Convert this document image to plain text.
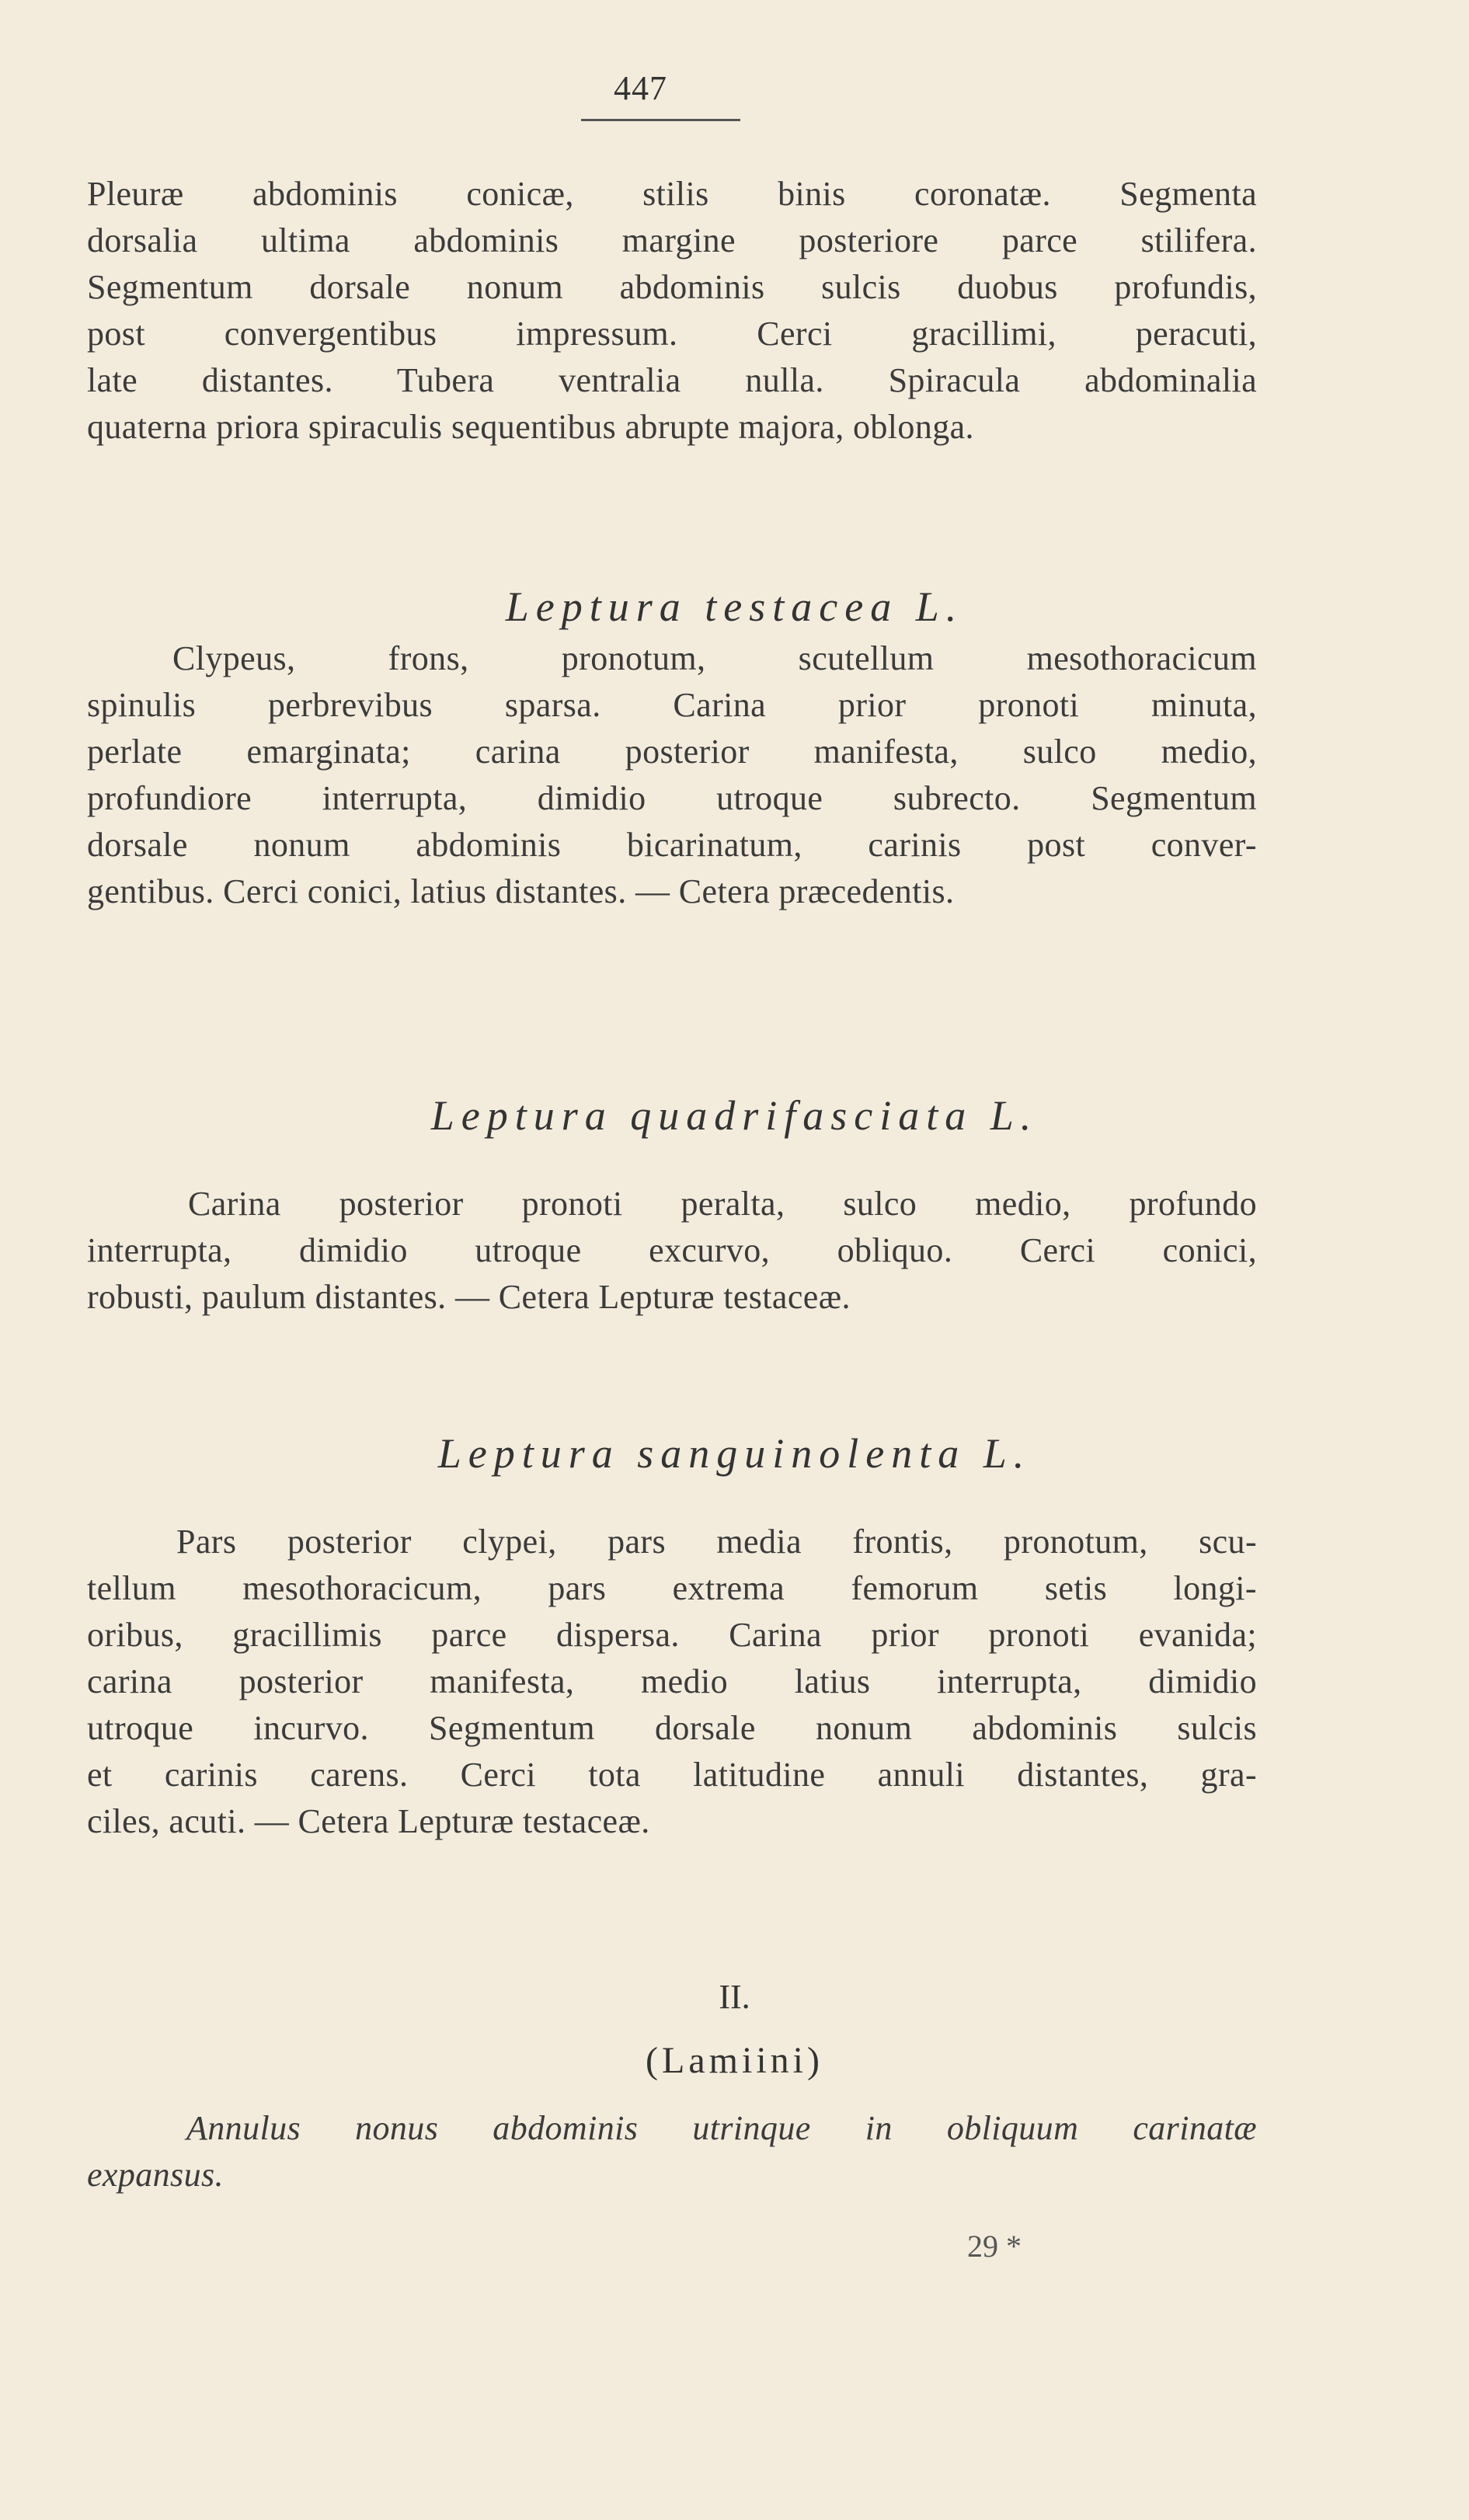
447
Pleuræ abdominis conicæ, stilis binis coronatæ. Segmenta
dorsalia ultima abdominis margine posteriore parce stilifera.
Segmentum dorsale nonum abdominis sulcis duobus profundis,
post convergentibus impressum. Cerci gracillimi, peracuti,
late distantes. Tubera ventralia nulla. Spiracula abdominalia
quaterna priora spiraculis sequentibus abrupte majora, oblonga.
Leptura testacea L.
Clypeus, frons, pronotum, scutellum mesothoracicum
spinulis perbrevibus sparsa. Carina prior pronoti minuta,
perlate emarginata; carina posterior manifesta, sulco medio,
profundiore interrupta, dimidio utroque subrecto. Segmentum
dorsale nonum abdominis bicarinatum, carinis post conver-
gentibus. Cerci conici, latius distantes. — Cetera præcedentis.
Leptura quadrifasciata L.
Carina posterior pronoti peralta, sulco medio, profundo
interrupta, dimidio utroque excurvo, obliquo. Cerci conici,
robusti, paulum distantes. — Cetera Lepturæ testaceæ.
Leptura sanguinolenta L.
Pars posterior clypei, pars media frontis, pronotum, scu-
tellum mesothoracicum, pars extrema femorum setis longi-
oribus, gracillimis parce dispersa. Carina prior pronoti evanida;
carina posterior manifesta, medio latius interrupta, dimidio
utroque incurvo. Segmentum dorsale nonum abdominis sulcis
et carinis carens. Cerci tota latitudine annuli distantes, gra-
ciles, acuti. — Cetera Lepturæ testaceæ.
II.
(Lamiini)
Annulus nonus abdominis utrinque in obliquum carinatæ
expansus.
29 *
